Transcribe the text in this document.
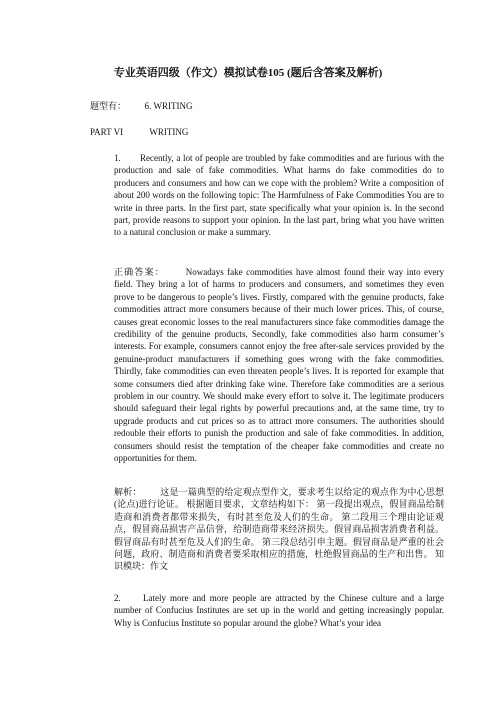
专业英语四级（作文）模拟试卷105 (题后含答案及解析)
题型有： 6. WRITING
PART VI	WRITING
1. Recently, a lot of people are troubled by fake commodities and are furious with the production and sale of fake commodities. What harms do fake commodities do to producers and consumers and how can we cope with the problem? Write a composition of about 200 words on the following topic: The Harmfulness of Fake Commodities You are to write in three parts. In the first part, state specifically what your opinion is. In the second part, provide reasons to support your opinion. In the last part, bring what you have written to a natural conclusion or make a summary.
正确答案： Nowadays fake commodities have almost found their way into every field. They bring a lot of harms to producers and consumers, and sometimes they even prove to be dangerous to people’s lives. Firstly, compared with the genuine products, fake commodities attract more consumers because of their much lower prices. This, of course, causes great economic losses to the real manufacturers since fake commodities damage the credibility of the genuine products. Secondly, fake commodities also harm consumer’s interests. For example, consumers cannot enjoy the free after-sale services provided by the genuine-product manufacturers if something goes wrong with the fake commodities. Thirdly, fake commodities can even threaten people’s lives. It is reported for example that some consumers died after drinking fake wine. Therefore fake commodities are a serious problem in our country. We should make every effort to solve it. The legitimate producers should safeguard their legal rights by powerful precautions and, at the same time, try to upgrade products and cut prices so as to attract more consumers. The authorities should redouble their efforts to punish the production and sale of fake commodities. In addition, consumers should resist the temptation of the cheaper fake commodities and create no opportunities for them.
解析： 这是一篇典型的给定观点型作文，要求考生以给定的观点作为中心思想(论点)进行论证。 根据题目要求，文章结构如下： 第一段提出观点，假冒商品给制造商和消费者都带来损失，有时甚至危及人们的生命。 第二段用三个理由论证观点，假冒商品损害产品信誉，给制造商带来经济损失。假冒商品损害消费者利益。假冒商品有时甚至危及人们的生命。 第三段总结引申主题。假冒商品是严重的社会问题，政府、制造商和消费者要采取相应的措施，杜绝假冒商品的生产和出售。 知识模块：作文
2. Lately more and more people are attracted by the Chinese culture and a large number of Confucius Institutes are set up in the world and getting increasingly popular. Why is Confucius Institute so popular around the globe? What’s your idea
